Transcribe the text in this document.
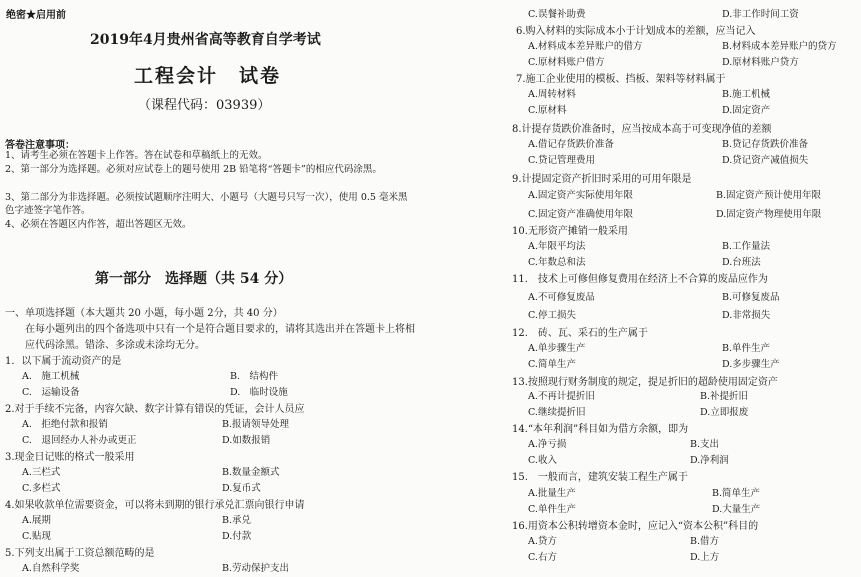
绝密★启用前
2019年4月贵州省高等教育自学考试
工程会计　试卷
（课程代码：03939）
答卷注意事项：
1、请考生必须在答题卡上作答。答在试卷和草稿纸上的无效。
2、第一部分为选择题。必须对应试卷上的题号使用 2B 铅笔将“答题卡”的相应代码涂黑。
3、第二部分为非选择题。必须按试题顺序注明大、小题号（大题号只写一次），使用 0.5 毫米黑色字迹签字笔作答。
4、必须在答题区内作答，超出答题区无效。
第一部分　选择题（共 54 分）
一、单项选择题（本大题共 20 小题，每小题 2分，共 40 分）
在每小题列出的四个备选项中只有一个是符合题目要求的，请将其选出并在答题卡上将相应代码涂黑。错涂、多涂或未涂均无分。
1．以下属于流动资产的是
A.　施工机械	B.　结构件
C.　运输设备	D.　临时设施
2.对于手续不完备，内容欠缺、数字计算有错误的凭证，会计人员应
A.　拒绝付款和报销	B.报请领导处理
C.　退回经办人补办或更正	D.如数报销
3.现金日记账的格式一般采用
A.三栏式	B.数量金额式
C.多栏式	D.复币式
4.如果收款单位需要资金，可以将未到期的银行承兑汇票向银行申请
A.展期	B.承兑
C.贴现	D.付款
5.下列支出属于工资总额范畴的是
A.自然科学奖	B.劳动保护支出
C.误餐补助费	D.非工作时间工资
6.购入材料的实际成本小于计划成本的差额，应当记入
A.材料成本差异账户的借方	B.材料成本差异账户的贷方
C.原材料账户借方	D.原材料账户贷方
7.施工企业使用的模板、挡板、架料等材料属于
A.周转材料	B.施工机械
C.原材料	D.固定资产
8.计提存货跌价准备时，应当按成本高于可变现净值的差额
A.借记存货跌价准备	B.贷记存货跌价准备
C.贷记管理费用	D.贷记资产减值损失
9.计提固定资产折旧时采用的可用年限是
A.固定资产实际使用年限	B.固定资产预计使用年限
C.固定资产准确使用年限	D.固定资产物理使用年限
10.无形资产摊销一般采用
A.年限平均法	B.工作量法
C.年数总和法	D.台班法
11.　技术上可修但修复费用在经济上不合算的废品应作为
A.不可修复废品	B.可修复废品
C.停工损失	D.非常损失
12.　砖、瓦、采石的生产属于
A.单步骤生产	B.单件生产
C.简单生产	D.多步骤生产
13.按照现行财务制度的规定，提足折旧的超龄使用固定资产
A.不再计提折旧	B.补提折旧
C.继续提折旧	D.立即报废
14.“本年利润”科目如为借方余额，即为
A.净亏损	B.支出
C.收入	D.净利润
15.　一般而言，建筑安装工程生产属于
A.批量生产	B.简单生产
C.单件生产	D.大量生产
16.用资本公积转增资本金时，应记入“资本公积”科目的
A.贷方	B.借方
C.右方	D.上方
